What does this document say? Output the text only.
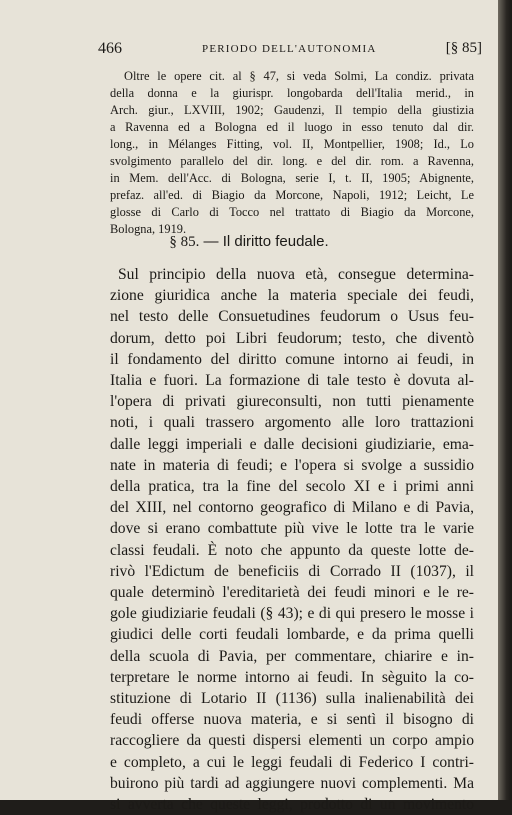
466	PERIODO DELL'AUTONOMIA	[§ 85]
Oltre le opere cit. al § 47, si veda Solmi, La condiz. privata
della donna e la giurispr. longobarda dell'Italia merid., in
Arch. giur., LXVIII, 1902; Gaudenzi, Il tempio della giustizia
a Ravenna ed a Bologna ed il luogo in esso tenuto dal dir.
long., in Mélanges Fitting, vol. II, Montpellier, 1908; Id., Lo
svolgimento parallelo del dir. long. e del dir. rom. a Ravenna,
in Mem. dell'Acc. di Bologna, serie I, t. II, 1905; Abignente,
prefaz. all'ed. di Biagio da Morcone, Napoli, 1912; Leicht, Le
glosse di Carlo di Tocco nel trattato di Biagio da Morcone,
Bologna, 1919.
§ 85. — Il diritto feudale.
Sul principio della nuova età, consegue determina-
zione giuridica anche la materia speciale dei feudi,
nel testo delle Consuetudines feudorum o Usus feu-
dorum, detto poi Libri feudorum; testo, che diventò
il fondamento del diritto comune intorno ai feudi, in
Italia e fuori. La formazione di tale testo è dovuta al-
l'opera di privati giureconsulti, non tutti pienamente
noti, i quali trassero argomento alle loro trattazioni
dalle leggi imperiali e dalle decisioni giudiziarie, ema-
nate in materia di feudi; e l'opera si svolge a sussidio
della pratica, tra la fine del secolo XI e i primi anni
del XIII, nel contorno geografico di Milano e di Pavia,
dove si erano combattute più vive le lotte tra le varie
classi feudali. È noto che appunto da queste lotte de-
rivò l'Edictum de beneficiis di Corrado II (1037), il
quale determinò l'ereditarietà dei feudi minori e le re-
gole giudiziarie feudali (§ 43); e di qui presero le mosse i
giudici delle corti feudali lombarde, e da prima quelli
della scuola di Pavia, per commentare, chiarire e in-
terpretare le norme intorno ai feudi. In sèguito la co-
stituzione di Lotario II (1136) sulla inalienabilità dei
feudi offerse nuova materia, e si sentì il bisogno di
raccogliere da questi dispersi elementi un corpo ampio
e completo, a cui le leggi feudali di Federico I contri-
buirono più tardi ad aggiungere nuovi complementi. Ma
si avverta che queste leggi, prodotto di un movimento
